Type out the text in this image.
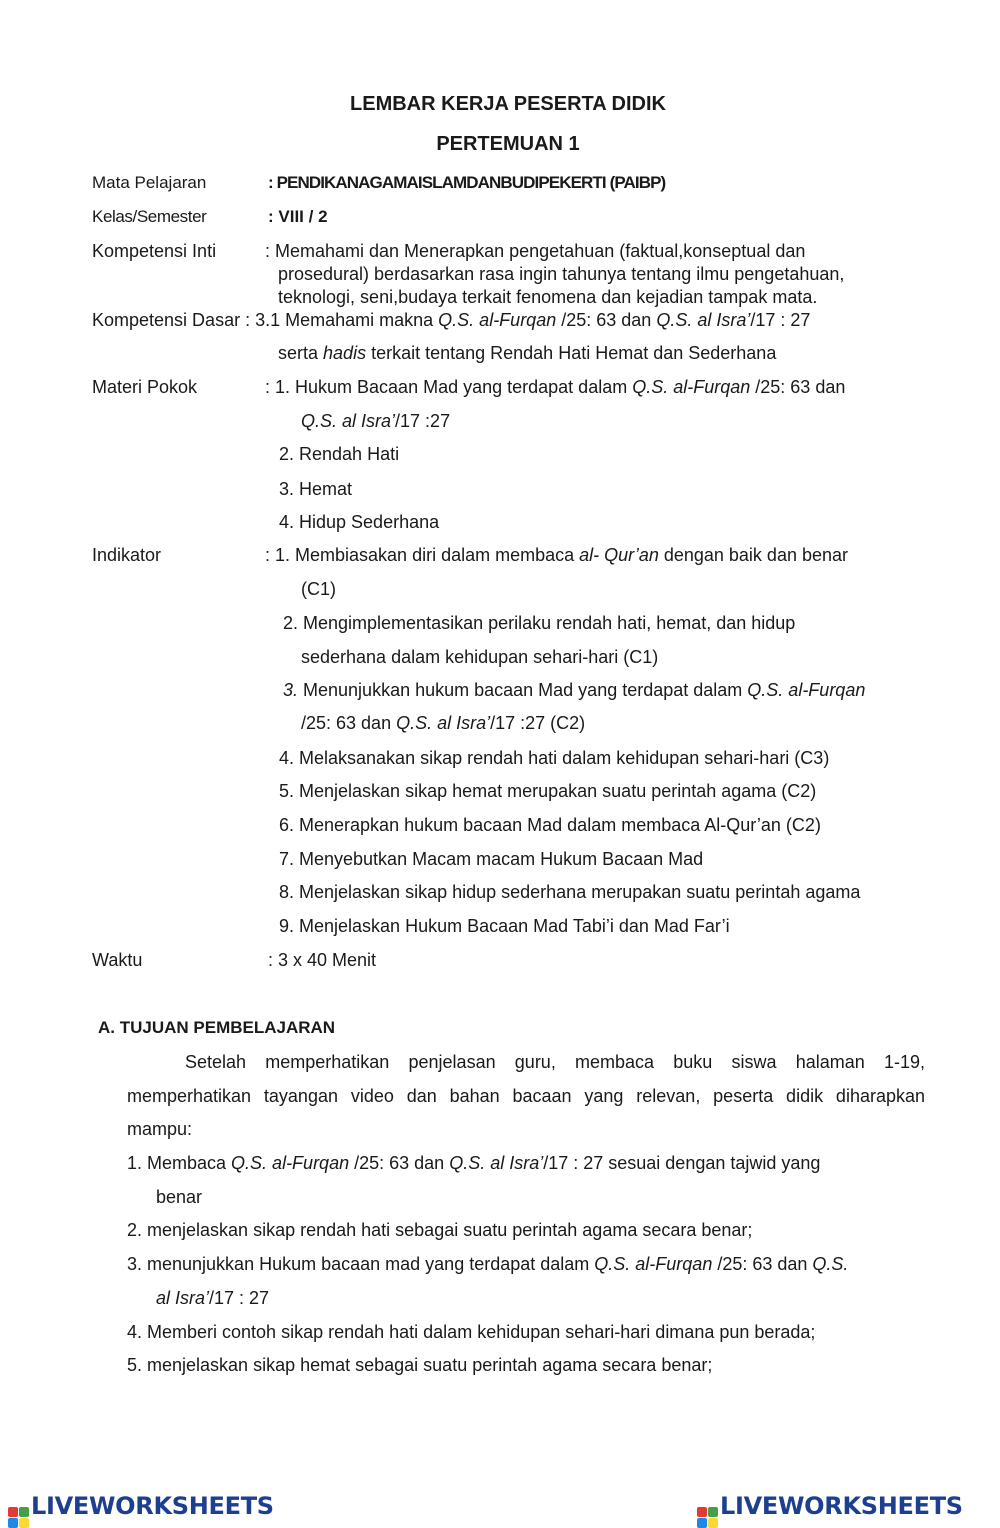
LEMBAR KERJA PESERTA DIDIK
PERTEMUAN 1
Mata Pelajaran	: PENDIKANAGAMAISLAMDANBUDIPEKERTI (PAIBP)
Kelas/Semester	: VIII / 2
Kompetensi Inti	: Memahami dan Menerapkan pengetahuan (faktual,konseptual dan
prosedural) berdasarkan rasa ingin tahunya tentang ilmu pengetahuan,
teknologi, seni,budaya terkait fenomena dan kejadian tampak mata.
Kompetensi Dasar : 3.1 Memahami makna Q.S. al-Furqan /25: 63 dan Q.S. al Isra’/17 : 27
serta hadis terkait tentang Rendah Hati Hemat dan Sederhana
Materi Pokok	: 1. Hukum Bacaan Mad yang terdapat dalam Q.S. al-Furqan /25: 63 dan
Q.S. al Isra’/17 :27
2. Rendah Hati
3. Hemat
4. Hidup Sederhana
Indikator	: 1. Membiasakan diri dalam membaca al- Qur’an dengan baik dan benar
(C1)
2. Mengimplementasikan perilaku rendah hati, hemat, dan hidup
sederhana dalam kehidupan sehari-hari (C1)
3. Menunjukkan hukum bacaan Mad yang terdapat dalam Q.S. al-Furqan
/25: 63 dan Q.S. al Isra’/17 :27 (C2)
4. Melaksanakan sikap rendah hati dalam kehidupan sehari-hari (C3)
5. Menjelaskan sikap hemat merupakan suatu perintah agama (C2)
6. Menerapkan hukum bacaan Mad dalam membaca Al-Qur’an (C2)
7. Menyebutkan Macam macam Hukum Bacaan Mad
8. Menjelaskan sikap hidup sederhana merupakan suatu perintah agama
9. Menjelaskan Hukum Bacaan Mad Tabi’i dan Mad Far’i
Waktu	: 3 x 40 Menit
A. TUJUAN PEMBELAJARAN
Setelah memperhatikan penjelasan guru, membaca buku siswa halaman 1-19,
memperhatikan tayangan video dan bahan bacaan yang relevan, peserta didik diharapkan
mampu:
1. Membaca Q.S. al-Furqan /25: 63 dan Q.S. al Isra’/17 : 27 sesuai dengan tajwid yang
benar
2. menjelaskan sikap rendah hati sebagai suatu perintah agama secara benar;
3. menunjukkan Hukum bacaan mad yang terdapat dalam Q.S. al-Furqan /25: 63 dan Q.S.
al Isra’/17 : 27
4. Memberi contoh sikap rendah hati dalam kehidupan sehari-hari dimana pun berada;
5. menjelaskan sikap hemat sebagai suatu perintah agama secara benar;
LIVEWORKSHEETS	LIVEWORKSHEETS
